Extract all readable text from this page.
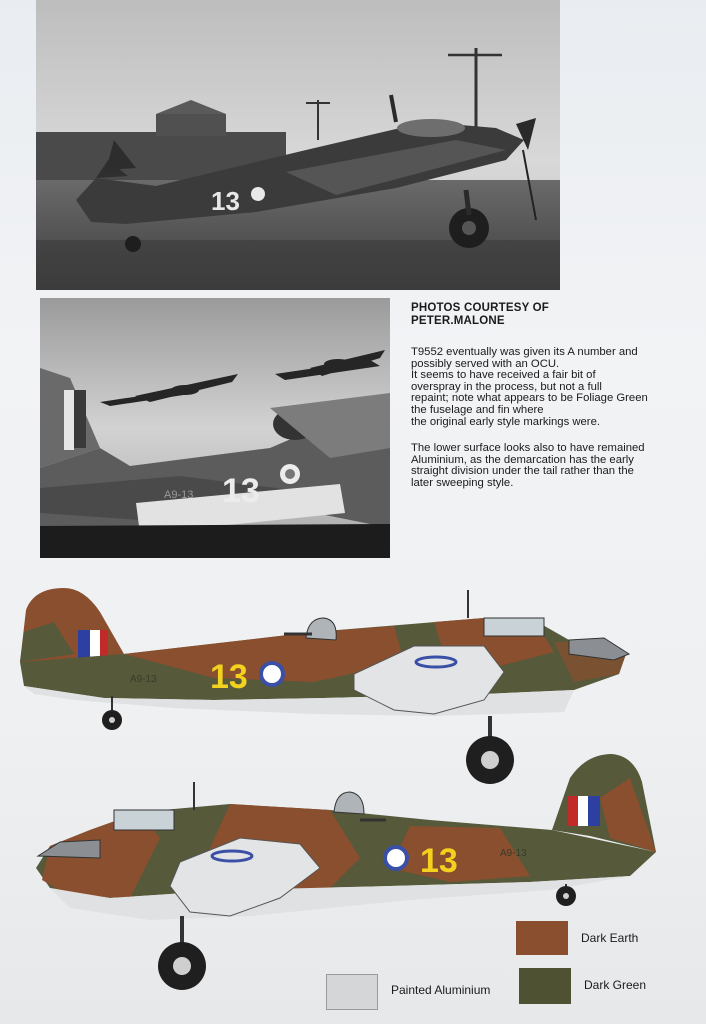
13
13
A9-13
PHOTOS COURTESY OF
PETER.MALONE

T9552 eventually was given its A number and
possibly served with an OCU.
It seems to have received a fair bit of
overspray in the process, but not a full
repaint; note what appears to be Foliage Green
the fuselage and fin where
the original early style markings were.

The lower surface looks also to have remained
Aluminium, as the demarcation has the early
straight division under the tail rather than the
later sweeping style.

13
A9-13
13	A9-13
Dark Earth
Dark Green
Painted Aluminium
